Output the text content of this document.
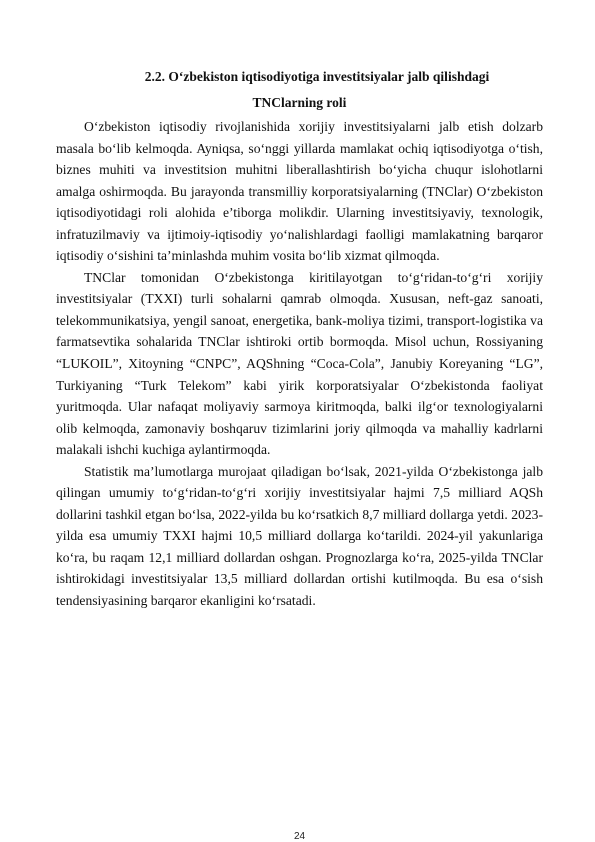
2.2. O‘zbekiston iqtisodiyotiga investitsiyalar jalb qilishdagi
TNClarning roli

O‘zbekiston iqtisodiy rivojlanishida xorijiy investitsiyalarni jalb etish dolzarb masala bo‘lib kelmoqda. Ayniqsa, so‘nggi yillarda mamlakat ochiq iqtisodiyotga o‘tish, biznes muhiti va investitsion muhitni liberallashtirish bo‘yicha chuqur islohotlarni amalga oshirmoqda. Bu jarayonda transmilliy korporatsiyalarning (TNClar) O‘zbekiston iqtisodiyotidagi roli alohida e’tiborga molikdir. Ularning investitsiyaviy, texnologik, infratuzilmaviy va ijtimoiy-iqtisodiy yo‘nalishlardagi faolligi mamlakatning barqaror iqtisodiy o‘sishini ta’minlashda muhim vosita bo‘lib xizmat qilmoqda.

TNClar tomonidan O‘zbekistonga kiritilayotgan to‘g‘ridan-to‘g‘ri xorijiy investitsiyalar (TXXI) turli sohalarni qamrab olmoqda. Xususan, neft-gaz sanoati, telekommunikatsiya, yengil sanoat, energetika, bank-moliya tizimi, transport-logistika va farmatsevtika sohalarida TNClar ishtiroki ortib bormoqda. Misol uchun, Rossiyaning “LUKOIL”, Xitoyning “CNPC”, AQShning “Coca-Cola”, Janubiy Koreyaning “LG”, Turkiyaning “Turk Telekom” kabi yirik korporatsiyalar O‘zbekistonda faoliyat yuritmoqda. Ular nafaqat moliyaviy sarmoya kiritmoqda, balki ilg‘or texnologiyalarni olib kelmoqda, zamonaviy boshqaruv tizimlarini joriy qilmoqda va mahalliy kadrlarni malakali ishchi kuchiga aylantirmoqda.

Statistik ma’lumotlarga murojaat qiladigan bo‘lsak, 2021-yilda O‘zbekistonga jalb qilingan umumiy to‘g‘ridan-to‘g‘ri xorijiy investitsiyalar hajmi 7,5 milliard AQSh dollarini tashkil etgan bo‘lsa, 2022-yilda bu ko‘rsatkich 8,7 milliard dollarga yetdi. 2023-yilda esa umumiy TXXI hajmi 10,5 milliard dollarga ko‘tarildi. 2024-yil yakunlariga ko‘ra, bu raqam 12,1 milliard dollardan oshgan. Prognozlarga ko‘ra, 2025-yilda TNClar ishtirokidagi investitsiyalar 13,5 milliard dollardan ortishi kutilmoqda. Bu esa o‘sish tendensiyasining barqaror ekanligini ko‘rsatadi.

24
